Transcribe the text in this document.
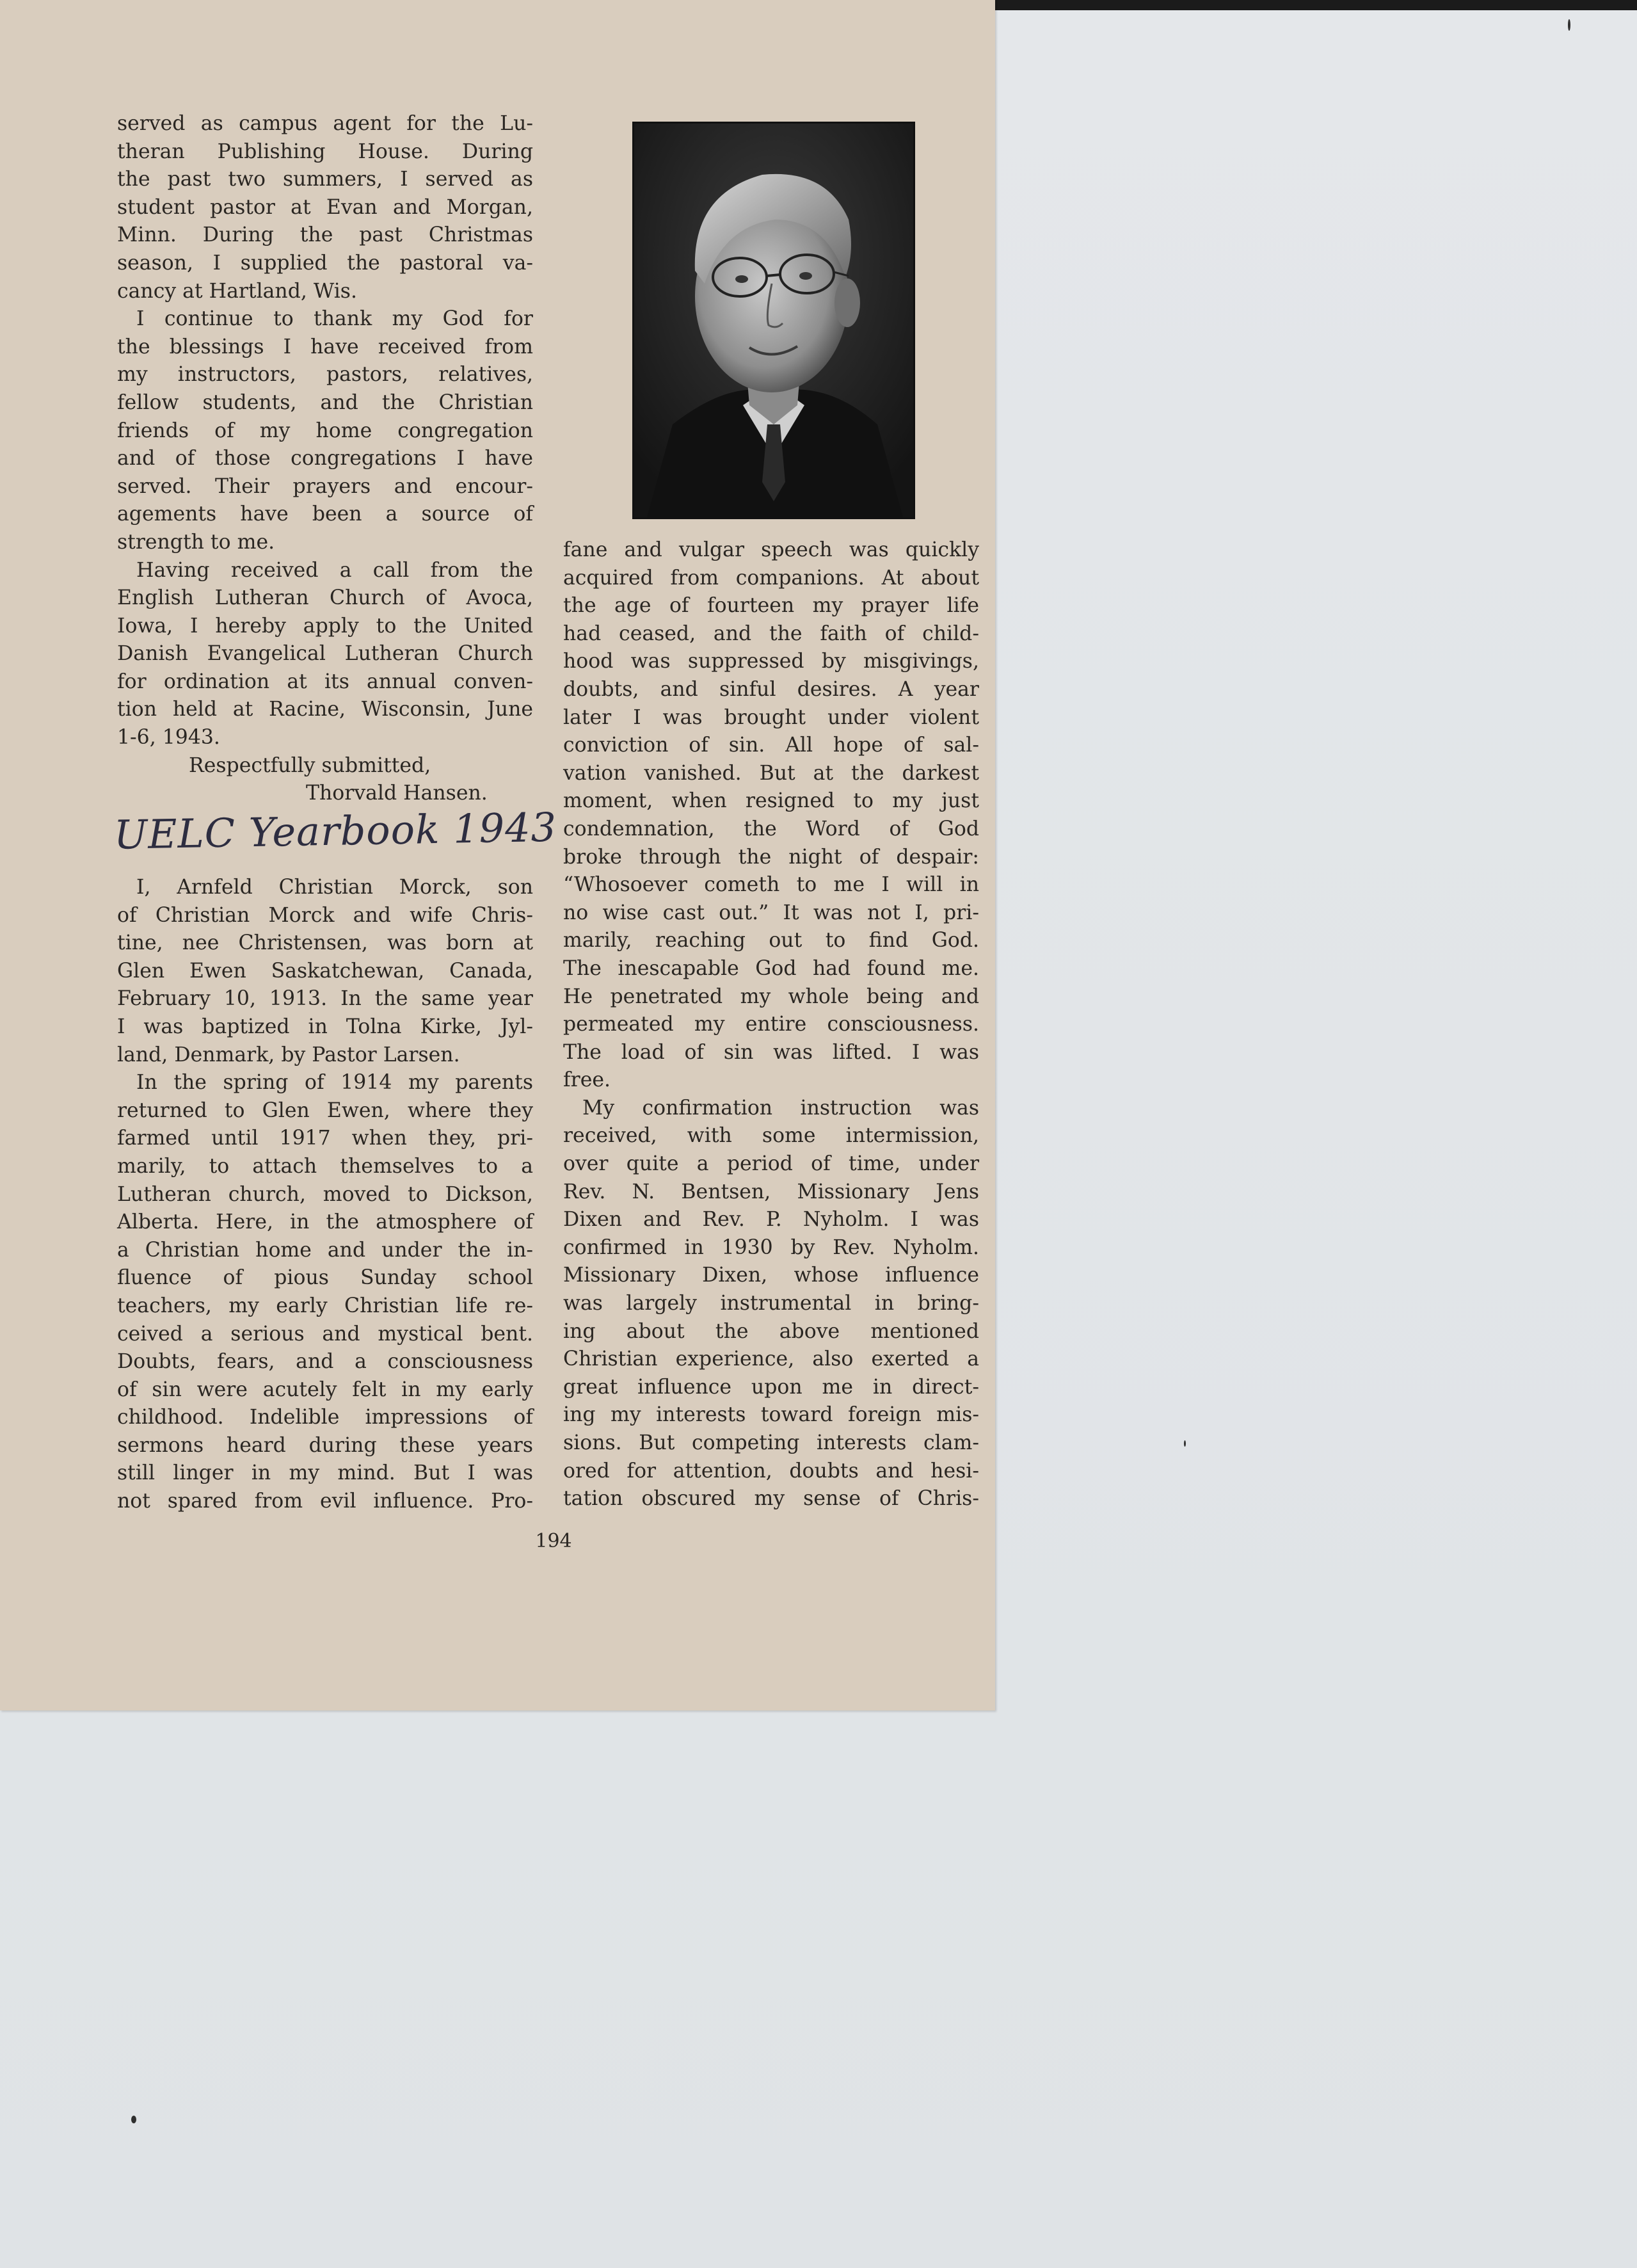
served as campus agent for the Lu-
theran Publishing House. During
the past two summers, I served as
student pastor at Evan and Morgan,
Minn. During the past Christmas
season, I supplied the pastoral va-
cancy at Hartland, Wis.
I continue to thank my God for
the blessings I have received from
my instructors, pastors, relatives,
fellow students, and the Christian
friends of my home congregation
and of those congregations I have
served. Their prayers and encour-
agements have been a source of
strength to me.
Having received a call from the
English Lutheran Church of Avoca,
Iowa, I hereby apply to the United
Danish Evangelical Lutheran Church
for ordination at its annual conven-
tion held at Racine, Wisconsin, June
1-6, 1943.
Respectfully submitted,
Thorvald Hansen.
UELC Yearbook 1943
I, Arnfeld Christian Morck, son
of Christian Morck and wife Chris-
tine, nee Christensen, was born at
Glen Ewen Saskatchewan, Canada,
February 10, 1913. In the same year
I was baptized in Tolna Kirke, Jyl-
land, Denmark, by Pastor Larsen.
In the spring of 1914 my parents
returned to Glen Ewen, where they
farmed until 1917 when they, pri-
marily, to attach themselves to a
Lutheran church, moved to Dickson,
Alberta. Here, in the atmosphere of
a Christian home and under the in-
fluence of pious Sunday school
teachers, my early Christian life re-
ceived a serious and mystical bent.
Doubts, fears, and a consciousness
of sin were acutely felt in my early
childhood. Indelible impressions of
sermons heard during these years
still linger in my mind. But I was
not spared from evil influence. Pro-
fane and vulgar speech was quickly
acquired from companions. At about
the age of fourteen my prayer life
had ceased, and the faith of child-
hood was suppressed by misgivings,
doubts, and sinful desires. A year
later I was brought under violent
conviction of sin. All hope of sal-
vation vanished. But at the darkest
moment, when resigned to my just
condemnation, the Word of God
broke through the night of despair:
“Whosoever cometh to me I will in
no wise cast out.” It was not I, pri-
marily, reaching out to find God.
The inescapable God had found me.
He penetrated my whole being and
permeated my entire consciousness.
The load of sin was lifted. I was
free.
My confirmation instruction was
received, with some intermission,
over quite a period of time, under
Rev. N. Bentsen, Missionary Jens
Dixen and Rev. P. Nyholm. I was
confirmed in 1930 by Rev. Nyholm.
Missionary Dixen, whose influence
was largely instrumental in bring-
ing about the above mentioned
Christian experience, also exerted a
great influence upon me in direct-
ing my interests toward foreign mis-
sions. But competing interests clam-
ored for attention, doubts and hesi-
tation obscured my sense of Chris-
194
